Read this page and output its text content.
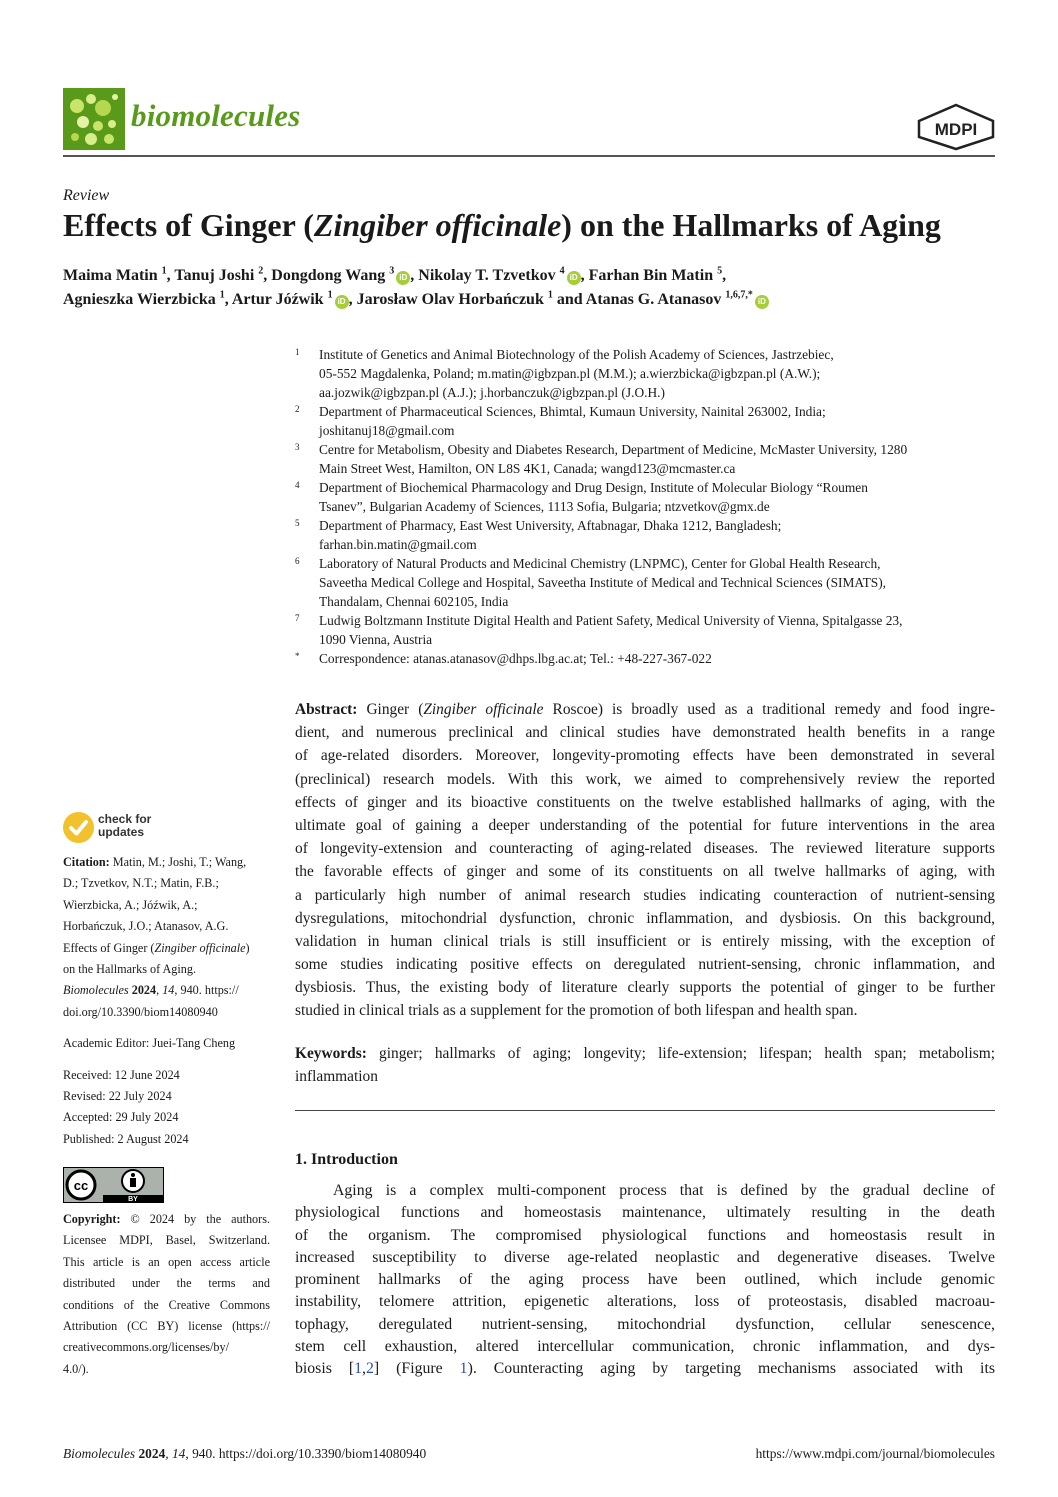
biomolecules	MDPI
Review
Effects of Ginger (Zingiber officinale) on the Hallmarks of Aging
Maima Matin $^1$, Tanuj Joshi $^2$, Dongdong Wang $^3$iD , Nikolay T. Tzvetkov $^4$iD , Farhan Bin Matin $^5$,
Agnieszka Wierzbicka $^1$, Artur Jóźwik $^1$iD , Jarosław Olav Horbańczuk $^1$ and Atanas G. Atanasov $^{1,6,7,*}$iD
1	Institute of Genetics and Animal Biotechnology of the Polish Academy of Sciences, Jastrzebiec,
05-552 Magdalenka, Poland; m.matin@igbzpan.pl (M.M.); a.wierzbicka@igbzpan.pl (A.W.);
aa.jozwik@igbzpan.pl (A.J.); j.horbanczuk@igbzpan.pl (J.O.H.)
2	Department of Pharmaceutical Sciences, Bhimtal, Kumaun University, Nainital 263002, India;
joshitanuj18@gmail.com
3	Centre for Metabolism, Obesity and Diabetes Research, Department of Medicine, McMaster University, 1280
Main Street West, Hamilton, ON L8S 4K1, Canada; wangd123@mcmaster.ca
4	Department of Biochemical Pharmacology and Drug Design, Institute of Molecular Biology “Roumen
Tsanev”, Bulgarian Academy of Sciences, 1113 Sofia, Bulgaria; ntzvetkov@gmx.de
5	Department of Pharmacy, East West University, Aftabnagar, Dhaka 1212, Bangladesh;
farhan.bin.matin@gmail.com
6	Laboratory of Natural Products and Medicinal Chemistry (LNPMC), Center for Global Health Research,
Saveetha Medical College and Hospital, Saveetha Institute of Medical and Technical Sciences (SIMATS),
Thandalam, Chennai 602105, India
7	Ludwig Boltzmann Institute Digital Health and Patient Safety, Medical University of Vienna, Spitalgasse 23,
1090 Vienna, Austria
*	Correspondence: atanas.atanasov@dhps.lbg.ac.at; Tel.: +48-227-367-022
Abstract: Ginger (Zingiber officinale Roscoe) is broadly used as a traditional remedy and food ingre-
dient, and numerous preclinical and clinical studies have demonstrated health benefits in a range
of age-related disorders. Moreover, longevity-promoting effects have been demonstrated in several
(preclinical) research models. With this work, we aimed to comprehensively review the reported
effects of ginger and its bioactive constituents on the twelve established hallmarks of aging, with the
ultimate goal of gaining a deeper understanding of the potential for future interventions in the area
of longevity-extension and counteracting of aging-related diseases. The reviewed literature supports
the favorable effects of ginger and some of its constituents on all twelve hallmarks of aging, with
a particularly high number of animal research studies indicating counteraction of nutrient-sensing
dysregulations, mitochondrial dysfunction, chronic inflammation, and dysbiosis. On this background,
validation in human clinical trials is still insufficient or is entirely missing, with the exception of
some studies indicating positive effects on deregulated nutrient-sensing, chronic inflammation, and
dysbiosis. Thus, the existing body of literature clearly supports the potential of ginger to be further
studied in clinical trials as a supplement for the promotion of both lifespan and health span.
Keywords: ginger; hallmarks of aging; longevity; life-extension; lifespan; health span; metabolism;
inflammation
1. Introduction
Aging is a complex multi-component process that is defined by the gradual decline of
physiological functions and homeostasis maintenance, ultimately resulting in the death
of the organism. The compromised physiological functions and homeostasis result in
increased susceptibility to diverse age-related neoplastic and degenerative diseases. Twelve
prominent hallmarks of the aging process have been outlined, which include genomic
instability, telomere attrition, epigenetic alterations, loss of proteostasis, disabled macroau-
tophagy, deregulated nutrient-sensing, mitochondrial dysfunction, cellular senescence,
stem cell exhaustion, altered intercellular communication, chronic inflammation, and dys-
biosis [1,2] (Figure 1). Counteracting aging by targeting mechanisms associated with its
check for
updates
Citation: Matin, M.; Joshi, T.; Wang,
D.; Tzvetkov, N.T.; Matin, F.B.;
Wierzbicka, A.; Jóźwik, A.;
Horbańczuk, J.O.; Atanasov, A.G.
Effects of Ginger (Zingiber officinale)
on the Hallmarks of Aging.
Biomolecules 2024, 14, 940. https://
doi.org/10.3390/biom14080940
Academic Editor: Juei-Tang Cheng
Received: 12 June 2024
Revised: 22 July 2024
Accepted: 29 July 2024
Published: 2 August 2024
BY
cc
Copyright: © 2024 by the authors.
Licensee MDPI, Basel, Switzerland.
This article is an open access article
distributed under the terms and
conditions of the Creative Commons
Attribution (CC BY) license (https://
creativecommons.org/licenses/by/
4.0/).
Biomolecules 2024, 14, 940. https://doi.org/10.3390/biom14080940	https://www.mdpi.com/journal/biomolecules
